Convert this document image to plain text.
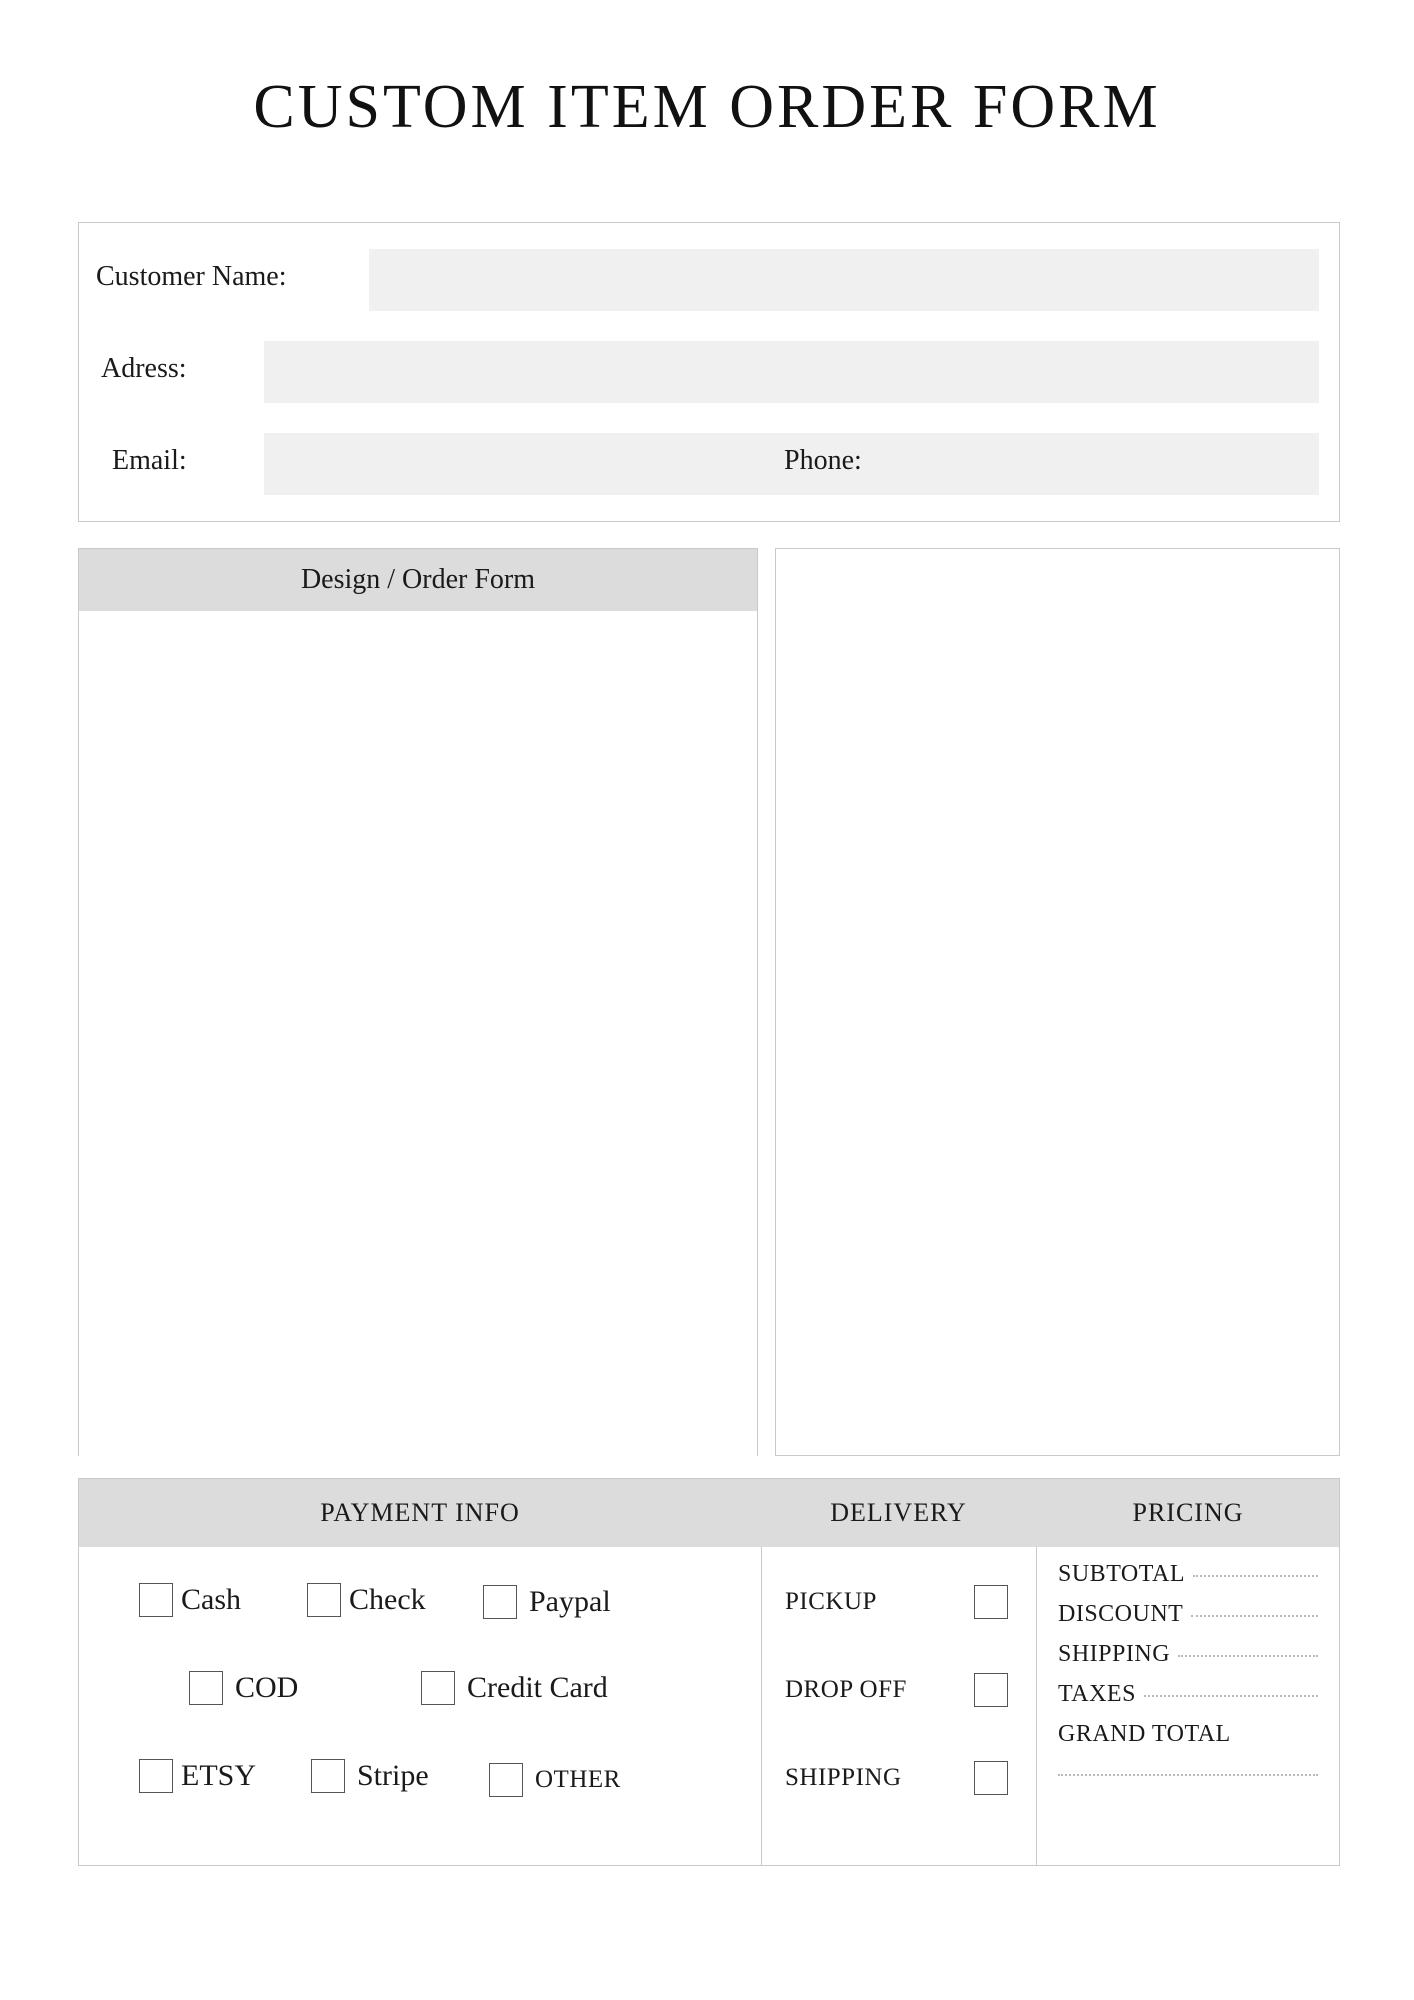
CUSTOM ITEM ORDER FORM
Customer Name:
Adress:
Email:	Phone:
Design / Order Form
PAYMENT INFO	DELIVERY	PRICING
Cash	Check	Paypal
COD	Credit Card
ETSY	Stripe	OTHER
PICKUP
DROP OFF
SHIPPING
SUBTOTAL
DISCOUNT
SHIPPING
TAXES
GRAND TOTAL
